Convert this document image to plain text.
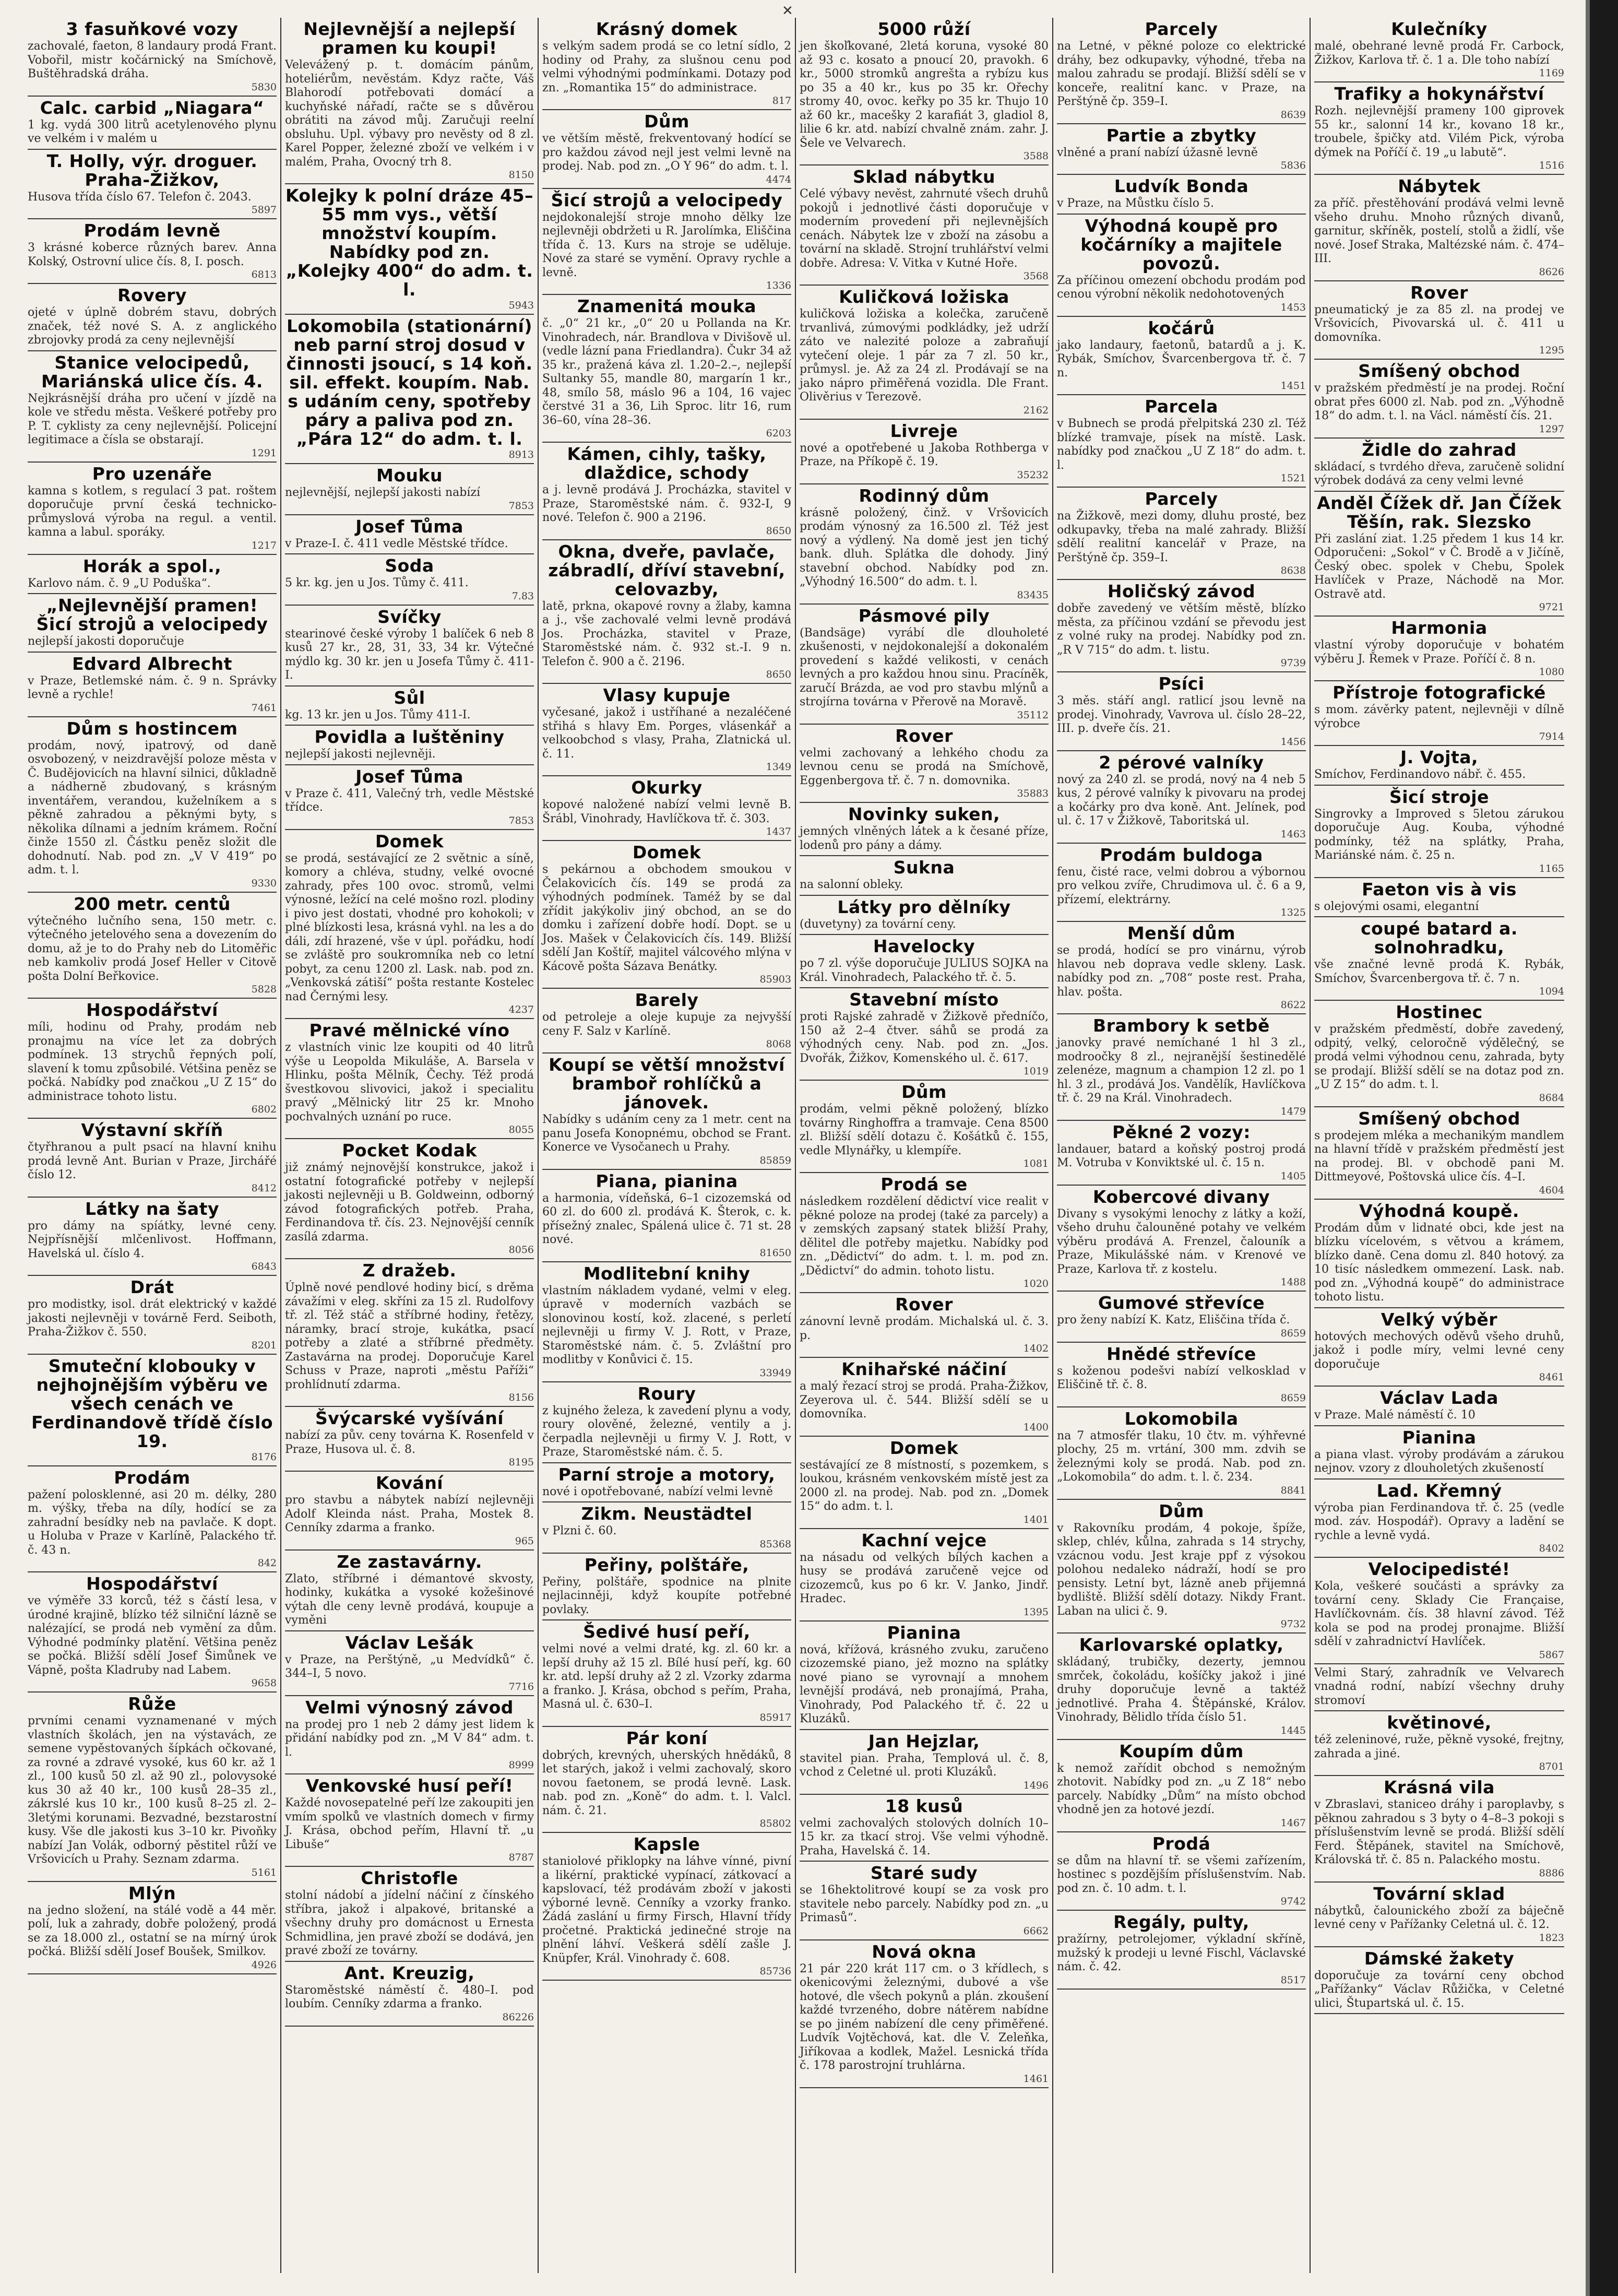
✕
3 fasuňkové vozy
zachovalé, faeton, 8 landaury prodá Frant. Vobořil, mistr kočárnický na Smíchově, Buštěhradská dráha.
5830
Calc. carbid „Niagara“
1 kg. vydá 300 litrů acetylenového plynu ve velkém i v malém u
T. Holly, výr. droguer. Praha-Žižkov,
Husova třída číslo 67. Telefon č. 2043.
5897
Prodám levně
3 krásné koberce různých barev. Anna Kolský, Ostrovní ulice čís. 8, I. posch.
6813
Rovery
ojeté v úplně dobrém stavu, dobrých značek, též nové S. A. z anglického zbrojovky prodá za ceny nejlevnější
Stanice velocipedů, Mariánská ulice čís. 4.
Nejkrásnější dráha pro učení v jízdě na kole ve středu města. Veškeré potřeby pro P. T. cyklisty za ceny nejlevnější. Policejní legitimace a čísla se obstarají.
1291
Pro uzenáře
kamna s kotlem, s regulací 3 pat. roštem doporučuje první česká technicko-průmyslová výroba na regul. a ventil. kamna a labul. sporáky.
1217
Horák a spol.,
Karlovo nám. č. 9 „U Poduška“.
„Nejlevnější pramen! Šicí strojů a velocipedy
nejlepší jakosti doporučuje
Edvard Albrecht
v Praze, Betlemské nám. č. 9 n. Správky levně a rychle!
7461
Dům s hostincem
prodám, nový, ipatrový, od daně osvobozený, v neizdravější poloze města v Č. Budějovicích na hlavní silnici, důkladně a nádherně zbudovaný, s krásným inventářem, verandou, kuželníkem a s pěkně zahradou a pěknými byty, s několika dílnami a jedním krámem. Roční činže 1550 zl. Částku peněz složit dle dohodnutí. Nab. pod zn. „V V 419“ po adm. t. l.
9330
200 metr. centů
výtečného lučního sena, 150 metr. c. výtečného jetelového sena a dovezením do domu, až je to do Prahy neb do Litoměřic neb kamkoliv prodá Josef Heller v Citově pošta Dolní Beřkovice.
5828
Hospodářství
míli, hodinu od Prahy, prodám neb pronajmu na více let za dobrých podmínek. 13 strychů řepných polí, slavení k tomu způsobilé. Vétšina peněz se počká. Nabídky pod značkou „U Z 15“ do administrace tohoto listu.
6802
Výstavní skříň
čtyřhranou a pult psací na hlavní knihu prodá levně Ant. Burian v Praze, Jirchářé číslo 12.
8412
Látky na šaty
pro dámy na spíátky, levné ceny. Nejpřísnější mlčenlivost. Hoffmann, Havelská ul. číslo 4.
6843
Drát
pro modistky, isol. drát elektrický v každé jakosti nejlevněji v továrně Ferd. Seiboth, Praha-Žižkov č. 550.
8201
Smuteční klobouky v nejhojnějším výběru ve všech cenách ve Ferdinandově třídě číslo 19.
8176
Prodám
pažení polosklenné, asi 20 m. délky, 280 m. výšky, třeba na díly, hodící se za zahradní besídky neb na pavlače. K dopt. u Holuba v Praze v Karlíně, Palackého tř. č. 43 n.
842
Hospodářství
ve výměře 33 korců, též s částí lesa, v úrodné krajině, blízko též silniční lázně se nalézající, se prodá neb vymění za dům. Výhodné podmínky platění. Většina peněz se počká. Bližší sdělí Josef Šimůnek ve Vápně, pošta Kladruby nad Labem.
9658
Růže
prvními cenami vyznamenané v mých vlastních školách, jen na výstavách, ze semene vypěstovaných šípkách očkované, za rovné a zdravé vysoké, kus 60 kr. až 1 zl., 100 kusů 50 zl. až 90 zl., polovysoké kus 30 až 40 kr., 100 kusů 28–35 zl., zákrslé kus 10 kr., 100 kusů 8–25 zl. 2–3letými korunami. Bezvadné, bezstarostní kusy. Vše dle jakosti kus 3–10 kr. Pivoňky nabízí Jan Volák, odborný pěstitel růží ve Vršovicích u Prahy. Seznam zdarma.
5161
Mlýn
na jedno složení, na stálé vodě a 44 měr. polí, luk a zahrady, dobře položený, prodá se za 18.000 zl., ostatní se na mírný úrok počká. Bližší sdělí Josef Boušek, Smilkov.
4926
Nejlevnější a nejlepší pramen ku koupi!
Velevážený p. t. domácím pánům, hoteliérům, nevěstám. Kdyz račte, Váš Blahorodí potřebovati domácí a kuchyňské nářadí, račte se s důvěrou obrátiti na závod můj. Zaručuji reelní obsluhu. Upl. výbavy pro nevěsty od 8 zl. Karel Popper, železné zboží ve velkém i v malém, Praha, Ovocný trh 8.
8150
Kolejky k polní dráze 45–55 mm vys., větší množství koupím. Nabídky pod zn. „Kolejky 400“ do adm. t. l.
5943
Lokomobila (stationární) neb parní stroj dosud v činnosti jsoucí, s 14 koň. sil. effekt. koupím. Nab. s udáním ceny, spotřeby páry a paliva pod zn. „Pára 12“ do adm. t. l.
8913
Mouku
nejlevnější, nejlepší jakosti nabízí
7853
Josef Tůma
v Praze-I. č. 411 vedle Městské třídce.
Soda
5 kr. kg. jen u Jos. Tůmy č. 411.
7.83
Svíčky
stearinové české výroby 1 balíček 6 neb 8 kusů 27 kr., 28, 31, 33, 34 kr. Výtečné mýdlo kg. 30 kr. jen u Josefa Tůmy č. 411-I.
Sůl
kg. 13 kr. jen u Jos. Tůmy 411-I.
Povidla a luštěniny
nejlepší jakosti nejlevněji.
Josef Tůma
v Praze č. 411, Valečný trh, vedle Městské třídce.
7853
Domek
se prodá, sestávající ze 2 světnic a síně, komory a chléva, studny, velké ovocné zahrady, přes 100 ovoc. stromů, velmi výnosné, ležící na celé mošno rozl. plodiny i pivo jest dostati, vhodné pro kohokoli; v plné blízkosti lesa, krásná vyhl. na les a do dáli, zdí hrazené, vše v úpl. pořádku, hodí se zvláště pro soukromníka neb co letní pobyt, za cenu 1200 zl. Lask. nab. pod zn. „Venkovská zátiší“ pošta restante Kostelec nad Černými lesy.
4237
Pravé mělnické víno
z vlastních vinic lze koupiti od 40 litrů výše u Leopolda Mikuláše, A. Barsela v Hlinku, pošta Mělník, Čechy. Též prodá švestkovou slivovici, jakož i specialitu pravý „Mělnický litr 25 kr. Mnoho pochvalných uznání po ruce.
8055
Pocket Kodak
již známý nejnovější konstrukce, jakož i ostatní fotografické potřeby v nejlepší jakosti nejlevněji u B. Goldweinn, odborný závod fotografických potřeb. Praha, Ferdinandova tř. čís. 23. Nejnovější cenník zasílá zdarma.
8056
Z dražeb.
Úplně nové pendlové hodiny bicí, s drěma závažími v eleg. skříni za 15 zl. Rudolfovy tř. zl. Též stáč a stříbrné hodiny, řetězy, náramky, brací stroje, kukátka, psací potřeby a zlaté a stříbrné předměty. Zastavárna na prodej. Doporučuje Karel Schuss v Praze, naproti „městu Paříži“ prohlídnutí zdarma.
8156
Švýcarské vyšívání
nabízí za pův. ceny továrna K. Rosenfeld v Praze, Husova ul. č. 8.
8195
Kování
pro stavbu a nábytek nabízí nejlevněji Adolf Kleinda nást. Praha, Mostek 8. Cenníky zdarma a franko.
965
Ze zastavárny.
Zlato, stříbrné i démantové skvosty, hodinky, kukátka a vysoké kožešinové výtah dle ceny levně prodává, koupuje a vyměni
Václav Lešák
v Praze, na Perštýně, „u Medvídků“ č. 344–I, 5 novo.
7716
Velmi výnosný závod
na prodej pro 1 neb 2 dámy jest lidem k přidání nabídky pod zn. „M V 84“ adm. t. l.
8999
Venkovské husí peří!
Každé novosepatelné peří lze zakoupiti jen vmím spolků ve vlastních domech v firmy J. Krása, obchod peřím, Hlavní tř. „u Libuše“
8787
Christofle
stolní nádobí a jídelní náčiní z čínského stříbra, jakož i alpakové, britanské a všechny druhy pro domácnost u Ernesta Schmidlina, jen pravé zboží se dodává, jen pravé zboží ze továrny.
Ant. Kreuzig,
Staroměstské náměstí č. 480–I. pod loubím. Cenníky zdarma a franko.
86226
Krásný domek
s velkým sadem prodá se co letní sídlo, 2 hodiny od Prahy, za slušnou cenu pod velmi výhodnými podmínkami. Dotazy pod zn. „Romantika 15“ do administrace.
817
Dům
ve větším městě, frekventovaný hodící se pro každou závod nejl jest velmi levně na prodej. Nab. pod zn. „O Y 96“ do adm. t. l.
4474
Šicí strojů a velocipedy
nejdokonalejší stroje mnoho dělky lze nejlevněji obdržeti u R. Jarolímka, Eliščina třída č. 13. Kurs na stroje se uděluje. Nové za staré se vymění. Opravy rychle a levně.
1336
Znamenitá mouka
č. „0“ 21 kr., „0“ 20 u Pollanda na Kr. Vinohradech, nár. Brandlova v Divišově ul. (vedle lázní pana Friedlandra). Čukr 34 až 35 kr., pražená káva zl. 1.20–2.–, nejlepší Sultanky 55, mandle 80, margarín 1 kr., 48, smílo 58, máslo 96 a 104, 16 vajec čerstvé 31 a 36, Lih Sproc. litr 16, rum 36–60, vína 28–36.
6203
Kámen, cihly, tašky, dlaždice, schody
a j. levně prodává J. Procházka, stavitel v Praze, Staroměstské nám. č. 932-I, 9 nové. Telefon č. 900 a 2196.
8650
Okna, dveře, pavlače, zábradlí, dříví stavební, celovazby,
latě, prkna, okapové rovny a žlaby, kamna a j., vše zachovalé velmi levně prodává Jos. Procházka, stavitel v Praze, Staroměstské nám. č. 932 st.-I. 9 n. Telefon č. 900 a č. 2196.
8650
Vlasy kupuje
vyčesané, jakož i ustříhané a nezaléčené střihá s hlavy Em. Porges, vlásenkář a velkoobchod s vlasy, Praha, Zlatnická ul. č. 11.
1349
Okurky
kopové naložené nabízí velmi levně B. Šrábl, Vinohrady, Havlíčkova tř. č. 303.
1437
Domek
s pekárnou a obchodem smoukou v Čelakovicích čís. 149 se prodá za výhodných podmínek. Taméž by se dal zřídit jakýkoliv jiný obchod, an se do domku i zařízení dobře hodí. Dopt. se u Jos. Mašek v Čelakovicích čís. 149. Bližší sdělí Jan Koštíř, majitel válcového mlýna v Kácově pošta Sázava Benátky.
85903
Barely
od petroleje a oleje kupuje za nejvyšší ceny F. Salz v Karlíně.
8068
Koupí se větší množství bramboř rohlíčků a jánovek.
Nabídky s udáním ceny za 1 metr. cent na panu Josefa Konopnému, obchod se Frant. Konerce ve Vysočanech u Prahy.
85859
Piana, pianina
a harmonia, vídeňská, 6–1 cizozemská od 60 zl. do 600 zl. prodává K. Šterok, c. k. přísežný znalec, Spálená ulice č. 71 st. 28 nové.
81650
Modlitební knihy
vlastním nákladem vydané, velmi v eleg. úpravě v moderních vazbách se slonovinou kostí, kož. zlacené, s perletí nejlevněji u firmy V. J. Rott, v Praze, Staroměstské nám. č. 5. Zvláštní pro modlitby v Konůvici č. 15.
33949
Roury
z kujného železa, k zavedení plynu a vody, roury olověné, železné, ventily a j. čerpadla nejlevněji u firmy V. J. Rott, v Praze, Staroměstské nám. č. 5.
Parní stroje a motory,
nové i opotřebované, nabízí velmi levně
Zikm. Neustädtel
v Plzni č. 60.
85368
Peřiny, polštáře,
Peřiny, polštáře, spodnice na plnite nejlacinněji, když koupíte potřebné povlaky.
Šedivé husí peří,
velmi nové a velmi draté, kg. zl. 60 kr. a lepší druhy až 15 zl. Bílé husí peří, kg. 60 kr. atd. lepší druhy až 2 zl. Vzorky zdarma a franko. J. Krása, obchod s peřím, Praha, Masná ul. č. 630–I.
85917
Pár koní
dobrých, krevných, uherských hnědáků, 8 let starých, jakož i velmi zachovalý, skoro novou faetonem, se prodá levně. Lask. nab. pod zn. „Koně“ do adm. t. l. Valcl. nám. č. 21.
85802
Kapsle
staniolové přiklopky na láhve vínné, pivní a likérní, praktické vypínací, zátkovací a kapslovací, též prodávám zboží v jakosti výborné levně. Cenníky a vzorky franko. Žádá zaslání u firmy Firsch, Hlavní třídy pročetné. Praktická jedinečné stroje na plnění láhví. Veškerá sdělí zašle J. Knüpfer, Král. Vinohrady č. 608.
85736
5000 růží
jen škoľkované, 2letá koruna, vysoké 80 až 93 c. kosato a pnoucí 20, pravokh. 6 kr., 5000 stromků angrešta a rybízu kus po 35 a 40 kr., kus po 35 kr. Ořechy stromy 40, ovoc. keřky po 35 kr. Thujo 10 až 60 kr., macešky 2 karafiát 3, gladiol 8, lilie 6 kr. atd. nabízí chvalně znám. zahr. J. Šele ve Velvarech.
3588
Sklad nábytku
Celé výbavy nevěst, zahrnuté všech druhů pokojů i jednotlivé části doporučuje v moderním provedení při nejlevnějších cenách. Nábytek lze v zboží na zásobu a tovární na skladě. Strojní truhlářství velmi dobře. Adresa: V. Vitka v Kutné Hoře.
3568
Kuličková ložiska
kuličková ložiska a kolečka, zaručeně trvanlivá, zúmovými podkládky, jež udrží záto ve nalezité poloze a zabraňují vytečení oleje. 1 pár za 7 zl. 50 kr., průmysl. je. Až za 24 zl. Prodávají se na jako nápro přiměřená vozidla. Dle Frant. Olivěrius v Terezově.
2162
Livreje
nové a opotřebené u Jakoba Rothberga v Praze, na Příkopě č. 19.
35232
Rodinný dům
krásně položený, činž. v Vršovicích prodám výnosný za 16.500 zl. Též jest nový a výdlený. Na domě jest jen tichý bank. dluh. Splátka dle dohody. Jiný stavební obchod. Nabídky pod zn. „Výhodný 16.500“ do adm. t. l.
83435
Pásmové pily
(Bandsäge) vyrábí dle dlouholeté zkušenosti, v nejdokonalejší a dokonalém provedení s každé velikosti, v cenách levných a pro každou hnou sinu. Pracíněk, zaručí Brázda, ae vod pro stavbu mlýnů a strojírna továrna v Přerově na Moravě.
35112
Rover
velmi zachovaný a lehkého chodu za levnou cenu se prodá na Smíchově, Eggenbergova tř. č. 7 n. domovnika.
35883
Novinky suken,
jemných vlněných látek a k česané příze, lodenů pro pány a dámy.
Sukna
na salonní obleky.
Látky pro dělníky
(duvetyny) za tovární ceny.
Havelocky
po 7 zl. výše doporučuje JULIUS SOJKA na Král. Vinohradech, Palackého tř. č. 5.
Stavební místo
proti Rajské zahradě v Žižkově předníčo, 150 až 2–4 čtver. sáhů se prodá za výhodných ceny. Nab. pod zn. „Jos. Dvořák, Žižkov, Komenského ul. č. 617.
1019
Dům
prodám, velmi pěkně položený, blízko továrny Ringhoffra a tramvaje. Cena 8500 zl. Bližší sdělí dotazu č. Košátků č. 155, vedle Mlynářky, u klempíře.
1081
Prodá se
následkem rozdělení dědictví vice realit v pěkné poloze na prodej (také za parcely) a v zemských zapsaný statek bližší Prahy, dělitel dle potřeby majetku. Nabídky pod zn. „Dědictví“ do adm. t. l. m. pod zn. „Dědictví“ do admin. tohoto listu.
1020
Rover
zánovní levně prodám. Michalská ul. č. 3. p.
1402
Knihařské náčiní
a malý řezací stroj se prodá. Praha-Žižkov, Zeyerova ul. č. 544. Bližší sdělí se u domovníka.
1400
Domek
sestávající ze 8 místností, s pozemkem, s loukou, krásném venkovském místě jest za 2000 zl. na prodej. Nab. pod zn. „Domek 15“ do adm. t. l.
1401
Kachní vejce
na násadu od velkých bílých kachen a husy se prodává zaručeně vejce od cizozemců, kus po 6 kr. V. Janko, Jindř. Hradec.
1395
Pianina
nová, křížová, krásného zvuku, zaručeno cizozemské piano, jež mozno na splátky nové piano se vyrovnají a mnohem levnější prodává, neb pronajímá, Praha, Vinohrady, Pod Palackého tř. č. 22 u Kluzáků.
Jan Hejzlar,
stavitel pian. Praha, Templová ul. č. 8, vchod z Celetné ul. proti Kluzáků.
1496
18 kusů
velmi zachovalých stolových dolních 10–15 kr. za tkací stroj. Vše velmi výhodně. Praha, Havelská č. 14.
Staré sudy
se 16hektolitrové koupí se za vosk pro stavitele nebo parcely. Nabídky pod zn. „u Primasů“.
6662
Nová okna
21 pár 220 krát 117 cm. o 3 křídlech, s okenicovými železnými, dubové a vše hotové, dle všech pokynů a plán. zkoušení každé tvrzeného, dobre nátěrem nabídne se po jiném nabízení dle ceny přiměřené. Ludvík Vojtěchová, kat. dle V. Zeleňka, Jiříkovaa a kodlek, Mažel. Lesnická třída č. 178 parostrojní truhlárna.
1461
Parcely
na Letné, v pěkné poloze co elektrické dráhy, bez odkupavky, výhodné, třeba na malou zahradu se prodají. Bližší sdělí se v konceře, realitní kanc. v Praze, na Perštýně čp. 359–I.
8639
Partie a zbytky
vlněné a praní nabízí úžasně levně
5836
Ludvík Bonda
v Praze, na Můstku číslo 5.
Výhodná koupě pro kočárníky a majitele povozů.
Za příčinou omezení obchodu prodám pod cenou výrobní několik nedohotovených
1453
kočárů
jako landaury, faetonů, batardů a j. K. Rybák, Smíchov, Švarcenbergova tř. č. 7 n.
1451
Parcela
v Bubnech se prodá přelpitská 230 zl. Též blízké tramvaje, písek na místě. Lask. nabídky pod značkou „U Z 18“ do adm. t. l.
1521
Parcely
na Žižkově, mezi domy, dluhu prosté, bez odkupavky, třeba na malé zahrady. Bližší sdělí realitní kancelář v Praze, na Perštýně čp. 359–I.
8638
Holičský závod
dobře zavedený ve větším městě, blízko města, za příčinou vzdání se převodu jest z volné ruky na prodej. Nabídky pod zn. „R V 715“ do adm. t. listu.
9739
Psíci
3 měs. stáří angl. ratlicí jsou levně na prodej. Vinohrady, Vavrova ul. číslo 28–22, III. p. dveře čís. 21.
1456
2 pérové valníky
nový za 240 zl. se prodá, nový na 4 neb 5 kus, 2 pérové valníky k pivovaru na prodej a kočárky pro dva koně. Ant. Jelínek, pod ul. č. 17 v Žižkově, Taboritská ul.
1463
Prodám buldoga
fenu, čisté race, velmi dobrou a výbornou pro velkou zvíře, Chrudimova ul. č. 6 a 9, přízemí, elektrárny.
1325
Menší dům
se prodá, hodící se pro vinárnu, výrob hlavou neb doprava vedle skleny. Lask. nabídky pod zn. „708“ poste rest. Praha, hlav. pošta.
8622
Brambory k setbě
janovky pravé nemíchané 1 hl 3 zl., modroočky 8 zl., nejranější šestinedělé zelenéze, magnum a champion 12 zl. po 1 hl. 3 zl., prodává Jos. Vandělík, Havlíčkova tř. č. 29 na Král. Vinohradech.
1479
Pěkné 2 vozy:
landauer, batard a koňský postroj prodá M. Votruba v Konviktské ul. č. 15 n.
1405
Kobercové divany
Divany s vysokými lenochy z látky a koží, všeho druhu čalouněné potahy ve velkém výběru prodává A. Frenzel, čalouník a Praze, Mikulášské nám. v Krenové ve Praze, Karlova tř. z kostelu.
1488
Gumové střevíce
pro ženy nabízí K. Katz, Eliščina třída č.
8659
Hnědé střevíce
s koženou podešvi nabízí velkosklad v Eliščině tř. č. 8.
8659
Lokomobila
na 7 atmosfér tlaku, 10 čtv. m. výhřevné plochy, 25 m. vrtání, 300 mm. zdvih se železnými koly se prodá. Nab. pod zn. „Lokomobila“ do adm. t. l. č. 234.
8841
Dům
v Rakovníku prodám, 4 pokoje, špíže, sklep, chlév, kůlna, zahrada s 14 strychy, vzácnou vodu. Jest kraje ppf z výsokou polohou nedaleko nádraží, hodí se pro pensisty. Letní byt, lázně aneb přijemná bydliště. Bližší sdělí dotazy. Nikdy Frant. Laban na ulici č. 9.
9732
Karlovarské oplatky,
skládaný, trubičky, dezerty, jemnou smrček, čokoládu, košíčky jakož i jiné druhy doporučuje levně a taktéž jednotlivé. Praha 4. Štěpánské, Králov. Vinohrady, Bělidlo třída číslo 51.
1445
Koupím dům
k nemož zařídit obchod s nemožným zhotovit. Nabídky pod zn. „u Z 18“ nebo parcely. Nabídky „Dům“ na místo obchod vhodně jen za hotové jezdí.
1467
Prodá
se dům na hlavní tř. se všemi zařízením, hostinec s pozdějším příslušenstvím. Nab. pod zn. č. 10 adm. t. l.
9742
Regály, pulty,
pražírny, petrolejomer, výkladní skříně, mužský k prodeji u levné Fischl, Václavské nám. č. 42.
8517
Kulečníky
malé, obehrané levně prodá Fr. Carbock, Žižkov, Karlova tř. č. 1 a. Dle toho nabízí
1169
Trafiky a hokynářství
Rozh. nejlevnější prameny 100 giprovek 55 kr., salonní 14 kr., kovano 18 kr., troubele, špičky atd. Vilém Pick, výroba dýmek na Poříčí č. 19 „u labutě“.
1516
Nábytek
za příč. přestěhování prodává velmi levně všeho druhu. Mnoho různých divanů, garnitur, skříněk, postelí, stolů a židlí, vše nové. Josef Straka, Maltézské nám. č. 474–III.
8626
Rover
pneumatický je za 85 zl. na prodej ve Vršovicích, Pivovarská ul. č. 411 u domovníka.
1295
Smíšený obchod
v pražském předměstí je na prodej. Roční obrat přes 6000 zl. Nab. pod zn. „Výhodně 18“ do adm. t. l. na Václ. náměstí čís. 21.
1297
Židle do zahrad
skládací, s tvrdého dřeva, zaručeně solidní výrobek dodává za ceny velmi levné
Anděl Čížek dř. Jan Čížek Těšín, rak. Slezsko
Při zaslání ziat. 1.25 předem 1 kus 14 kr. Odporučeni: „Sokol“ v Č. Brodě a v Jičíně, Český obec. spolek v Chebu, Spolek Havlíček v Praze, Náchodě na Mor. Ostravě atd.
9721
Harmonia
vlastní výroby doporučuje v bohatém výběru J. Řemek v Praze. Poříčí č. 8 n.
1080
Přístroje fotografické
s mom. závěrky patent, nejlevněji v dílně výrobce
7914
J. Vojta,
Smíchov, Ferdinandovo nábř. č. 455.
Šicí stroje
Singrovky a Improved s 5letou zárukou doporučuje Aug. Kouba, výhodné podmínky, též na splátky, Praha, Mariánské nám. č. 25 n.
1165
Faeton vis à vis
s olejovými osami, elegantní
coupé batard a. solnohradku,
vše značné levně prodá K. Rybák, Smíchov, Švarcenbergova tř. č. 7 n.
1094
Hostinec
v pražském předměstí, dobře zavedený, odpitý, velký, celoročně výdělečný, se prodá velmi výhodnou cenu, zahrada, byty se prodají. Bližší sdělí se na dotaz pod zn. „U Z 15“ do adm. t. l.
8684
Smíšený obchod
s prodejem mléka a mechanikým mandlem na hlavní třídě v pražském předměstí jest na prodej. Bl. v obchodě pani M. Dittmeyové, Poštovská ulice čís. 4–I.
4604
Výhodná koupě.
Prodám dům v lidnaté obci, kde jest na blízku vícelovém, s větvou a krámem, blízko daně. Cena domu zl. 840 hotový. za 10 tisíc následkem ommezení. Lask. nab. pod zn. „Výhodná koupě“ do administrace tohoto listu.
Velký výběr
hotových mechových oděvů všeho druhů, jakož i podle míry, velmi levné ceny doporučuje
8461
Václav Lada
v Praze. Malé náměstí č. 10
Pianina
a piana vlast. výroby prodávám a zárukou nejnov. vzory z dlouholetých zkušeností
Lad. Křemný
výroba pian Ferdinandova tř. č. 25 (vedle mod. záv. Hospodář). Opravy a ladění se rychle a levně vydá.
8402
Velocipedisté!
Kola, veškeré součásti a správky za tovární ceny. Sklady Cie Française, Havlíčkovnám. čís. 38 hlavní závod. Též kola se pod na prodej pronajme. Bližší sdělí v zahradnictví Havlíček.
5867
Velmi Starý, zahradník ve Velvarech vnadná rodní, nabízí všechny druhy stromoví
květinové,
též zeleninové, ruže, pěkně vysoké, frejtny, zahrada a jiné.
8701
Krásná vila
v Zbraslavi, staniceo dráhy i paroplavby, s pěknou zahradou s 3 byty o 4–8–3 pokoji s příslušenstvím levně se prodá. Bližší sdělí Ferd. Štěpánek, stavitel na Smíchově, Královská tř. č. 85 n. Palackého mostu.
8886
Tovární sklad
nábytků, čalounického zboží za báječně levné ceny v Pařížanky Celetná ul. č. 12.
1823
Dámské žakety
doporučuje za tovární ceny obchod „Pařížanky“ Václav Růžička, v Celetné ulici, Štupartská ul. č. 15.
